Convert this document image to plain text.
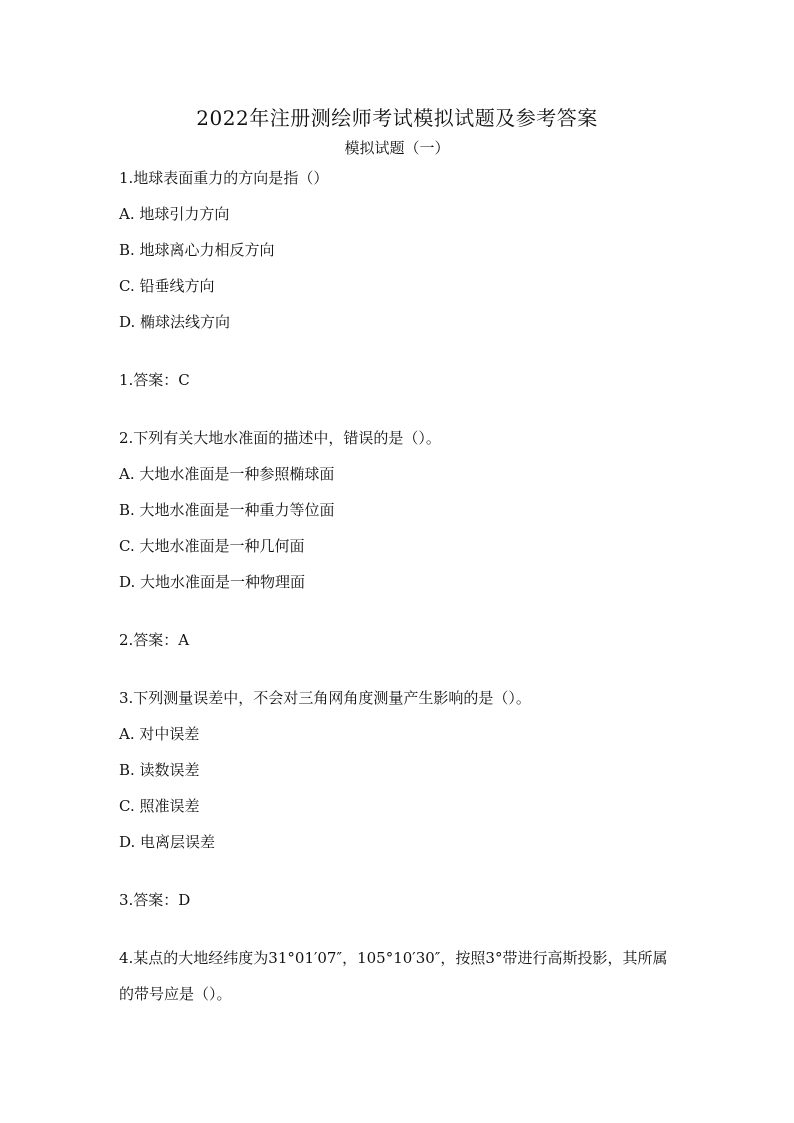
2022年注册测绘师考试模拟试题及参考答案
模拟试题（一）
1.地球表面重力的方向是指（）
A. 地球引力方向
B. 地球离心力相反方向
C. 铅垂线方向
D. 椭球法线方向
1.答案：C
2.下列有关大地水准面的描述中，错误的是（）。
A. 大地水准面是一种参照椭球面
B. 大地水准面是一种重力等位面
C. 大地水准面是一种几何面
D. 大地水准面是一种物理面
2.答案：A
3.下列测量误差中，不会对三角网角度测量产生影响的是（）。
A. 对中误差
B. 读数误差
C. 照准误差
D. 电离层误差
3.答案：D
4.某点的大地经纬度为31°01′07″，105°10′30″，按照3°带进行高斯投影，其所属的带号应是（）。
